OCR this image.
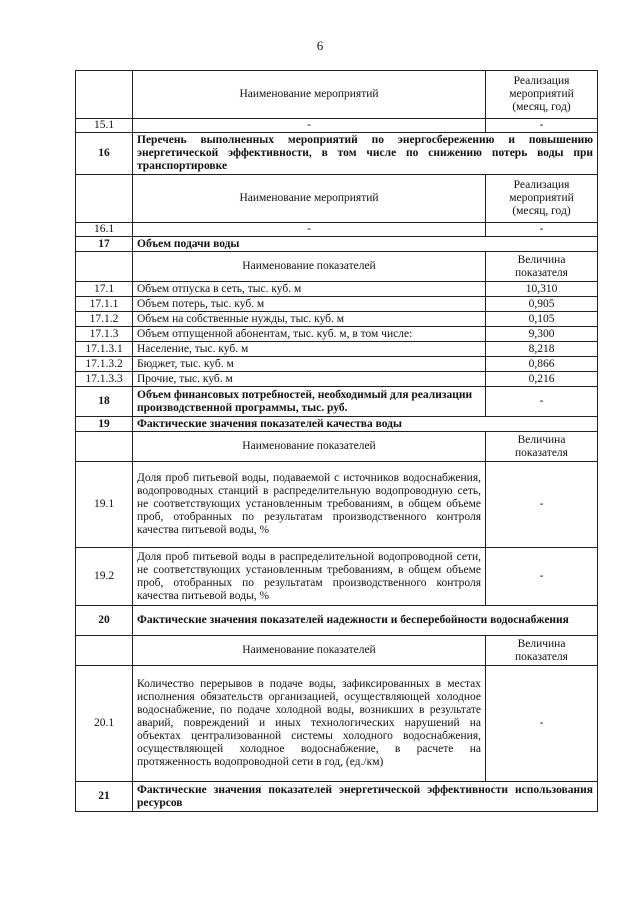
6
	Наименование мероприятий	Реализация мероприятий (месяц, год)
15.1	-	-
16	Перечень выполненных мероприятий по энергосбережению и повышению энергетической эффективности, в том числе по снижению потерь воды при транспортировке	
	Наименование мероприятий	Реализация мероприятий (месяц, год)
16.1	-	-
17	Объем подачи воды	
	Наименование показателей	Величина показателя
17.1	Объем отпуска в сеть, тыс. куб. м	10,310
17.1.1	Объем потерь, тыс. куб. м	0,905
17.1.2	Объем на собственные нужды, тыс. куб. м	0,105
17.1.3	Объем отпущенной абонентам, тыс. куб. м, в том числе:	9,300
17.1.3.1	Население, тыс. куб. м	8,218
17.1.3.2	Бюджет, тыс. куб. м	0,866
17.1.3.3	Прочие, тыс. куб. м	0,216
18	Объем финансовых потребностей, необходимый для реализации производственной программы, тыс. руб.	-
19	Фактические значения показателей качества воды	
	Наименование показателей	Величина показателя
19.1	Доля проб питьевой воды, подаваемой с источников водоснабжения, водопроводных станций в распределительную водопроводную сеть, не соответствующих установленным требованиям, в общем объеме проб, отобранных по результатам производственного контроля качества питьевой воды, %	-
19.2	Доля проб питьевой воды в распределительной водопроводной сети, не соответствующих установленным требованиям, в общем объеме проб, отобранных по результатам производственного контроля качества питьевой воды, %	-
20	Фактические значения показателей надежности и бесперебойности водоснабжения	
	Наименование показателей	Величина показателя
20.1	Количество перерывов в подаче воды, зафиксированных в местах исполнения обязательств организацией, осуществляющей холодное водоснабжение, по подаче холодной воды, возникших в результате аварий, повреждений и иных технологических нарушений на объектах централизованной системы холодного водоснабжения, осуществляющей холодное водоснабжение, в расчете на протяженность водопроводной сети в год, (ед./км)	-
21	Фактические значения показателей энергетической эффективности использования ресурсов	
